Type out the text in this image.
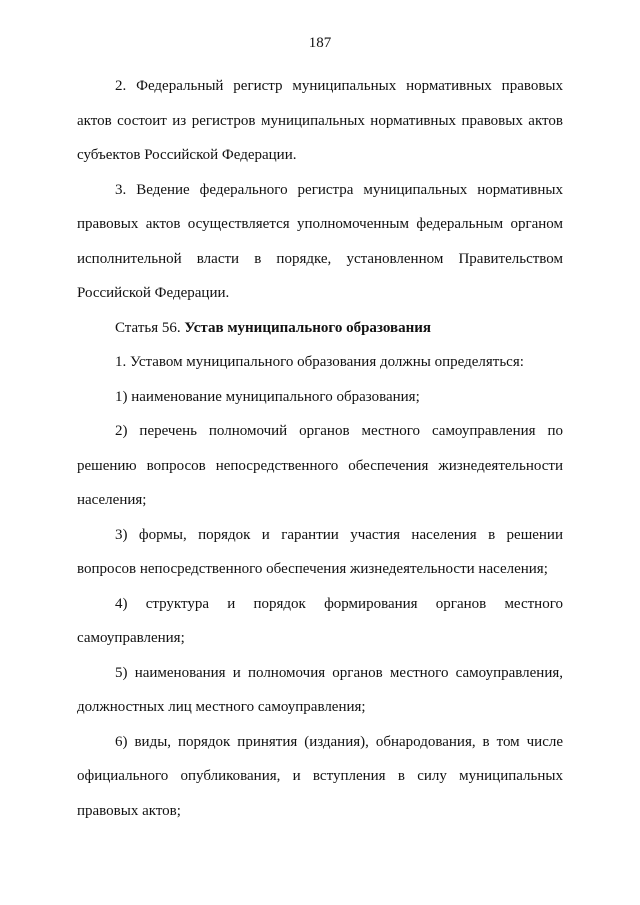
187

2. Федеральный регистр муниципальных нормативных правовых актов состоит из регистров муниципальных нормативных правовых актов субъектов Российской Федерации.

3. Ведение федерального регистра муниципальных нормативных правовых актов осуществляется уполномоченным федеральным органом исполнительной власти в порядке, установленном Правительством Российской Федерации.

Статья 56. Устав муниципального образования

1. Уставом муниципального образования должны определяться:

1) наименование муниципального образования;

2) перечень полномочий органов местного самоуправления по решению вопросов непосредственного обеспечения жизнедеятельности населения;

3) формы, порядок и гарантии участия населения в решении вопросов непосредственного обеспечения жизнедеятельности населения;

4) структура и порядок формирования органов местного самоуправления;

5) наименования и полномочия органов местного самоуправления, должностных лиц местного самоуправления;

6) виды, порядок принятия (издания), обнародования, в том числе официального опубликования, и вступления в силу муниципальных правовых актов;
